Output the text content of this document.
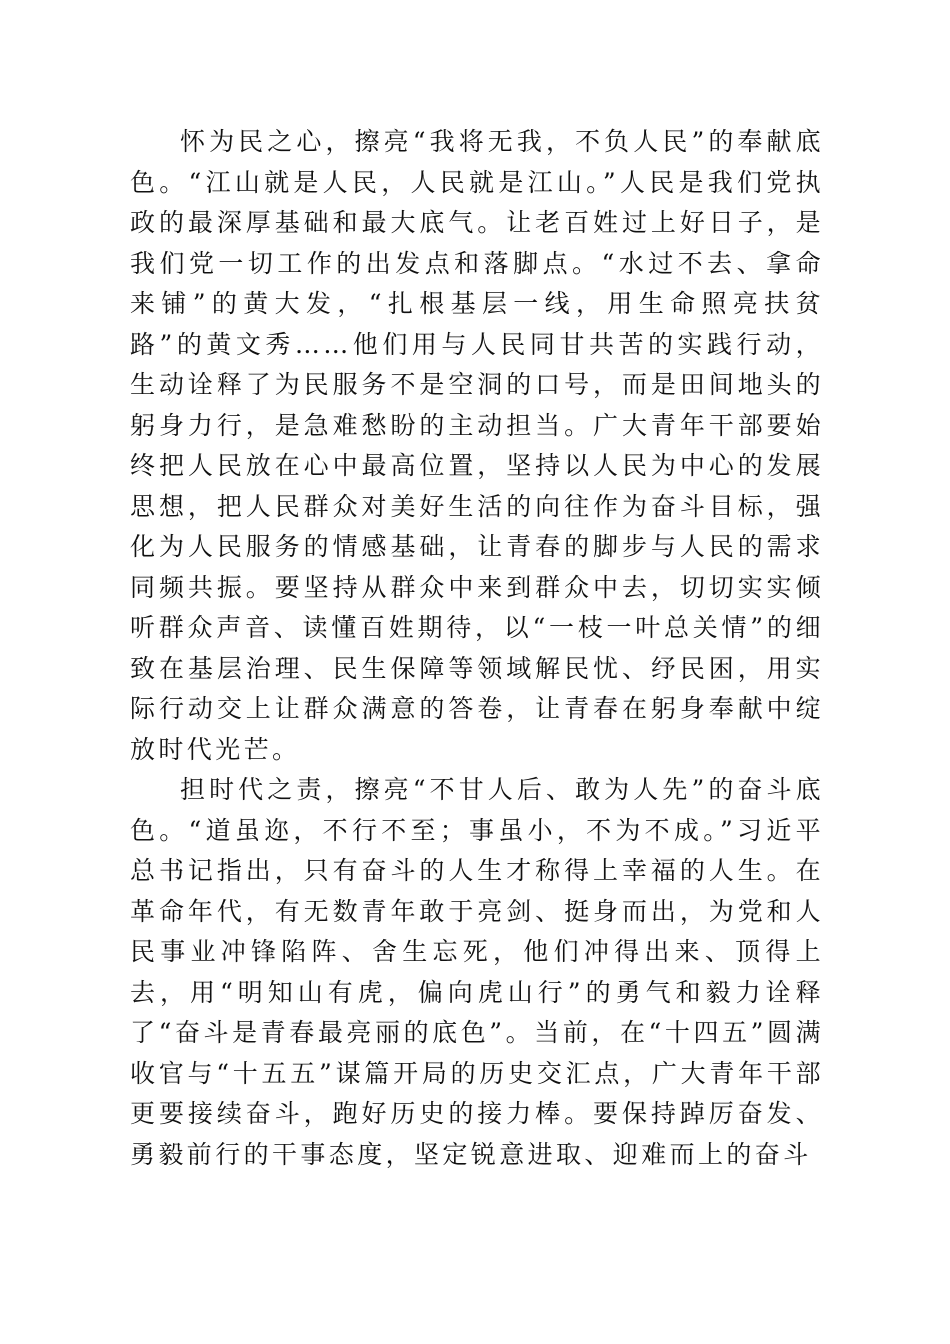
怀为民之心，擦亮“我将无我，不负人民”的奉献底色。“江山就是人民，人民就是江山。”人民是我们党执政的最深厚基础和最大底气。让老百姓过上好日子，是我们党一切工作的出发点和落脚点。“水过不去、拿命来铺”的黄大发，“扎根基层一线，用生命照亮扶贫路”的黄文秀……他们用与人民同甘共苦的实践行动，生动诠释了为民服务不是空洞的口号，而是田间地头的躬身力行，是急难愁盼的主动担当。广大青年干部要始终把人民放在心中最高位置，坚持以人民为中心的发展思想，把人民群众对美好生活的向往作为奋斗目标，强化为人民服务的情感基础，让青春的脚步与人民的需求同频共振。要坚持从群众中来到群众中去，切切实实倾听群众声音、读懂百姓期待，以“一枝一叶总关情”的细致在基层治理、民生保障等领域解民忧、纾民困，用实际行动交上让群众满意的答卷，让青春在躬身奉献中绽放时代光芒。

担时代之责，擦亮“不甘人后、敢为人先”的奋斗底色。“道虽迩，不行不至；事虽小，不为不成。”习近平总书记指出，只有奋斗的人生才称得上幸福的人生。在革命年代，有无数青年敢于亮剑、挺身而出，为党和人民事业冲锋陷阵、舍生忘死，他们冲得出来、顶得上去，用“明知山有虎，偏向虎山行”的勇气和毅力诠释了“奋斗是青春最亮丽的底色”。当前，在“十四五”圆满收官与“十五五”谋篇开局的历史交汇点，广大青年干部更要接续奋斗，跑好历史的接力棒。要保持踔厉奋发、勇毅前行的干事态度，坚定锐意进取、迎难而上的奋斗
